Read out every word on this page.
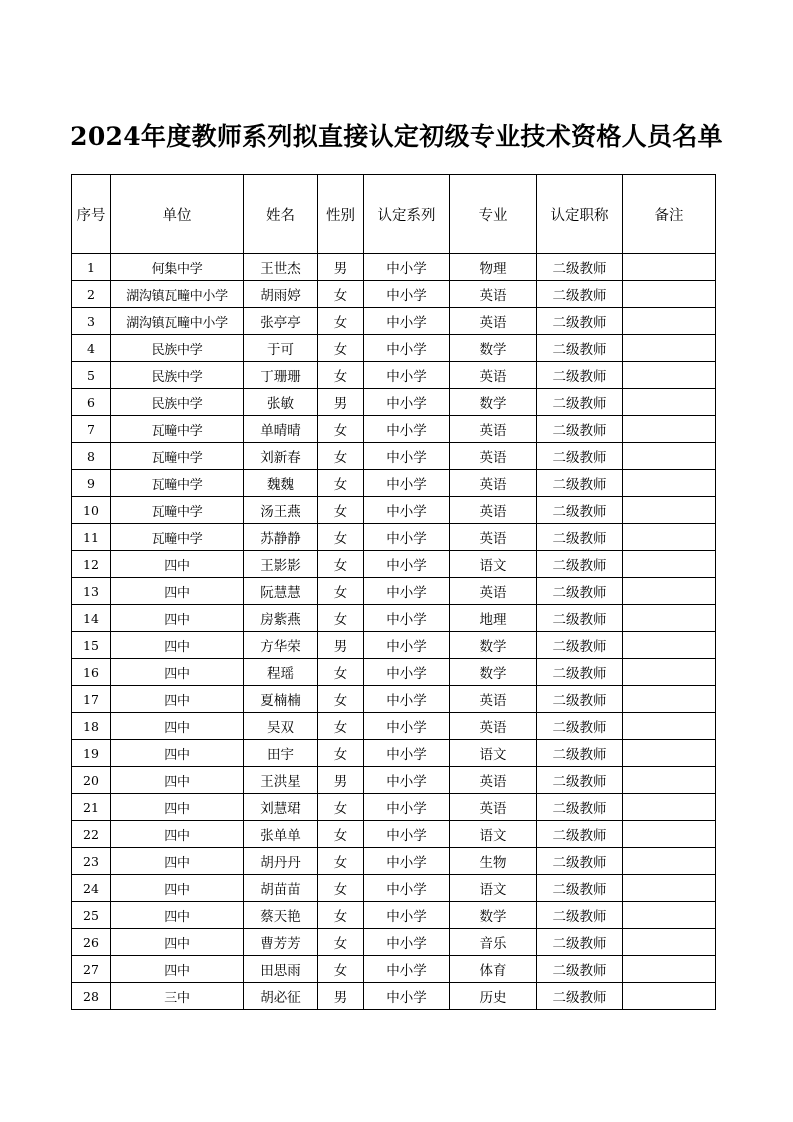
2024年度教师系列拟直接认定初级专业技术资格人员名单
序号	单位	姓名	性别	认定系列	专业	认定职称	备注
1	何集中学	王世杰	男	中小学	物理	二级教师	
2	湖沟镇瓦疃中小学	胡雨婷	女	中小学	英语	二级教师	
3	湖沟镇瓦疃中小学	张亭亭	女	中小学	英语	二级教师	
4	民族中学	于可	女	中小学	数学	二级教师	
5	民族中学	丁珊珊	女	中小学	英语	二级教师	
6	民族中学	张敏	男	中小学	数学	二级教师	
7	瓦疃中学	单晴晴	女	中小学	英语	二级教师	
8	瓦疃中学	刘新春	女	中小学	英语	二级教师	
9	瓦疃中学	魏魏	女	中小学	英语	二级教师	
10	瓦疃中学	汤王燕	女	中小学	英语	二级教师	
11	瓦疃中学	苏静静	女	中小学	英语	二级教师	
12	四中	王影影	女	中小学	语文	二级教师	
13	四中	阮慧慧	女	中小学	英语	二级教师	
14	四中	房紫燕	女	中小学	地理	二级教师	
15	四中	方华荣	男	中小学	数学	二级教师	
16	四中	程瑶	女	中小学	数学	二级教师	
17	四中	夏楠楠	女	中小学	英语	二级教师	
18	四中	吴双	女	中小学	英语	二级教师	
19	四中	田宇	女	中小学	语文	二级教师	
20	四中	王洪星	男	中小学	英语	二级教师	
21	四中	刘慧珺	女	中小学	英语	二级教师	
22	四中	张单单	女	中小学	语文	二级教师	
23	四中	胡丹丹	女	中小学	生物	二级教师	
24	四中	胡苗苗	女	中小学	语文	二级教师	
25	四中	蔡天艳	女	中小学	数学	二级教师	
26	四中	曹芳芳	女	中小学	音乐	二级教师	
27	四中	田思雨	女	中小学	体育	二级教师	
28	三中	胡必征	男	中小学	历史	二级教师	
